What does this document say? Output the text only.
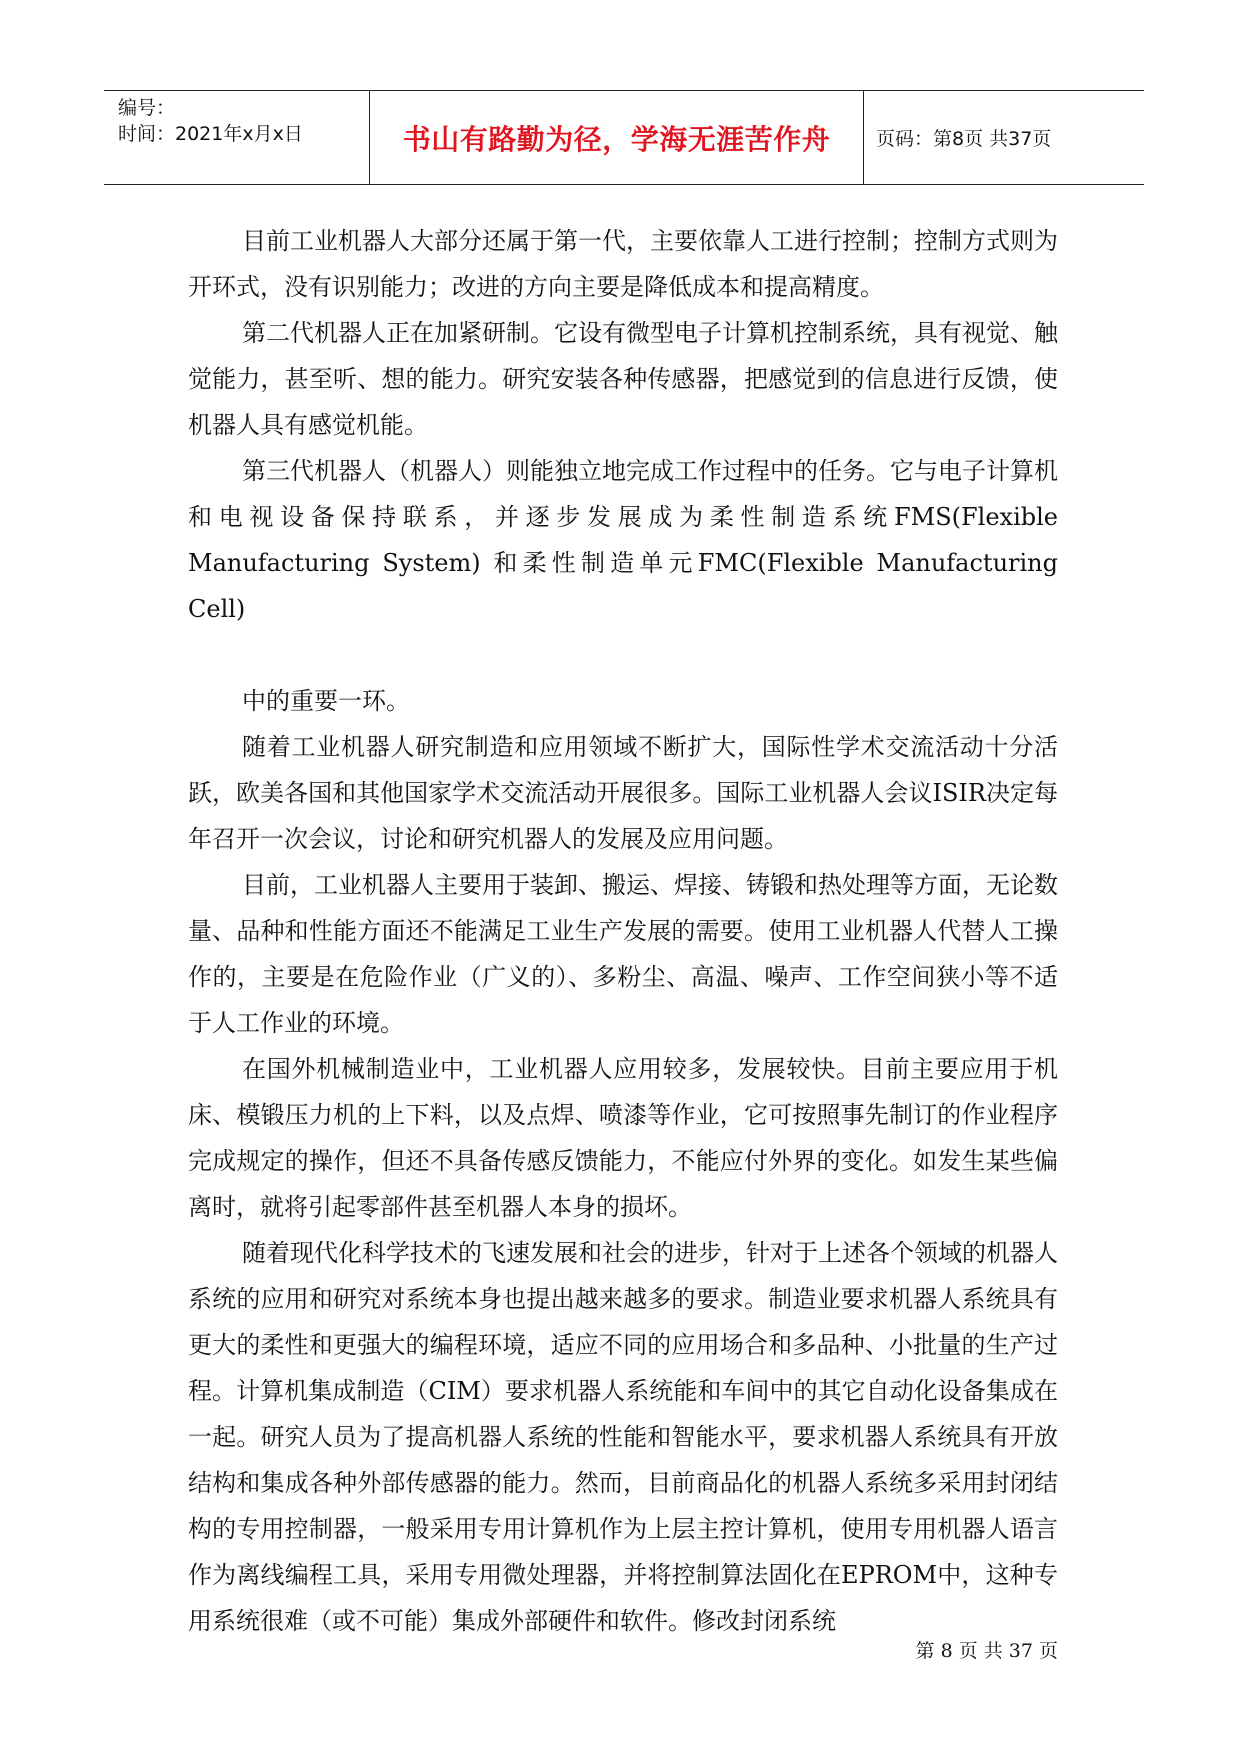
编号：
时间：2021年x月x日	书山有路勤为径，学海无涯苦作舟 页码：第8页 共37页

目前工业机器人大部分还属于第一代，主要依靠人工进行控制；控制方式则为开环式，没有识别能力；改进的方向主要是降低成本和提高精度。

第二代机器人正在加紧研制。它设有微型电子计算机控制系统，具有视觉、触觉能力，甚至听、想的能力。研究安装各种传感器，把感觉到的信息进行反馈，使机器人具有感觉机能。

第三代机器人（机器人）则能独立地完成工作过程中的任务。它与电子计算机和电视设备保持联系，并逐步发展成为柔性制造系统FMS(Flexible Manufacturing System) 和柔性制造单元FMC(Flexible Manufacturing Cell)

中的重要一环。

随着工业机器人研究制造和应用领域不断扩大，国际性学术交流活动十分活跃，欧美各国和其他国家学术交流活动开展很多。国际工业机器人会议ISIR决定每年召开一次会议，讨论和研究机器人的发展及应用问题。

目前，工业机器人主要用于装卸、搬运、焊接、铸锻和热处理等方面，无论数量、品种和性能方面还不能满足工业生产发展的需要。使用工业机器人代替人工操作的，主要是在危险作业（广义的）、多粉尘、高温、噪声、工作空间狭小等不适于人工作业的环境。

在国外机械制造业中，工业机器人应用较多，发展较快。目前主要应用于机床、模锻压力机的上下料，以及点焊、喷漆等作业，它可按照事先制订的作业程序完成规定的操作，但还不具备传感反馈能力，不能应付外界的变化。如发生某些偏离时，就将引起零部件甚至机器人本身的损坏。

随着现代化科学技术的飞速发展和社会的进步，针对于上述各个领域的机器人系统的应用和研究对系统本身也提出越来越多的要求。制造业要求机器人系统具有更大的柔性和更强大的编程环境，适应不同的应用场合和多品种、小批量的生产过程。计算机集成制造（CIM）要求机器人系统能和车间中的其它自动化设备集成在一起。研究人员为了提高机器人系统的性能和智能水平，要求机器人系统具有开放结构和集成各种外部传感器的能力。然而，目前商品化的机器人系统多采用封闭结构的专用控制器，一般采用专用计算机作为上层主控计算机，使用专用机器人语言作为离线编程工具，采用专用微处理器，并将控制算法固化在EPROM中，这种专用系统很难（或不可能）集成外部硬件和软件。修改封闭系统

第 8 页 共 37 页
